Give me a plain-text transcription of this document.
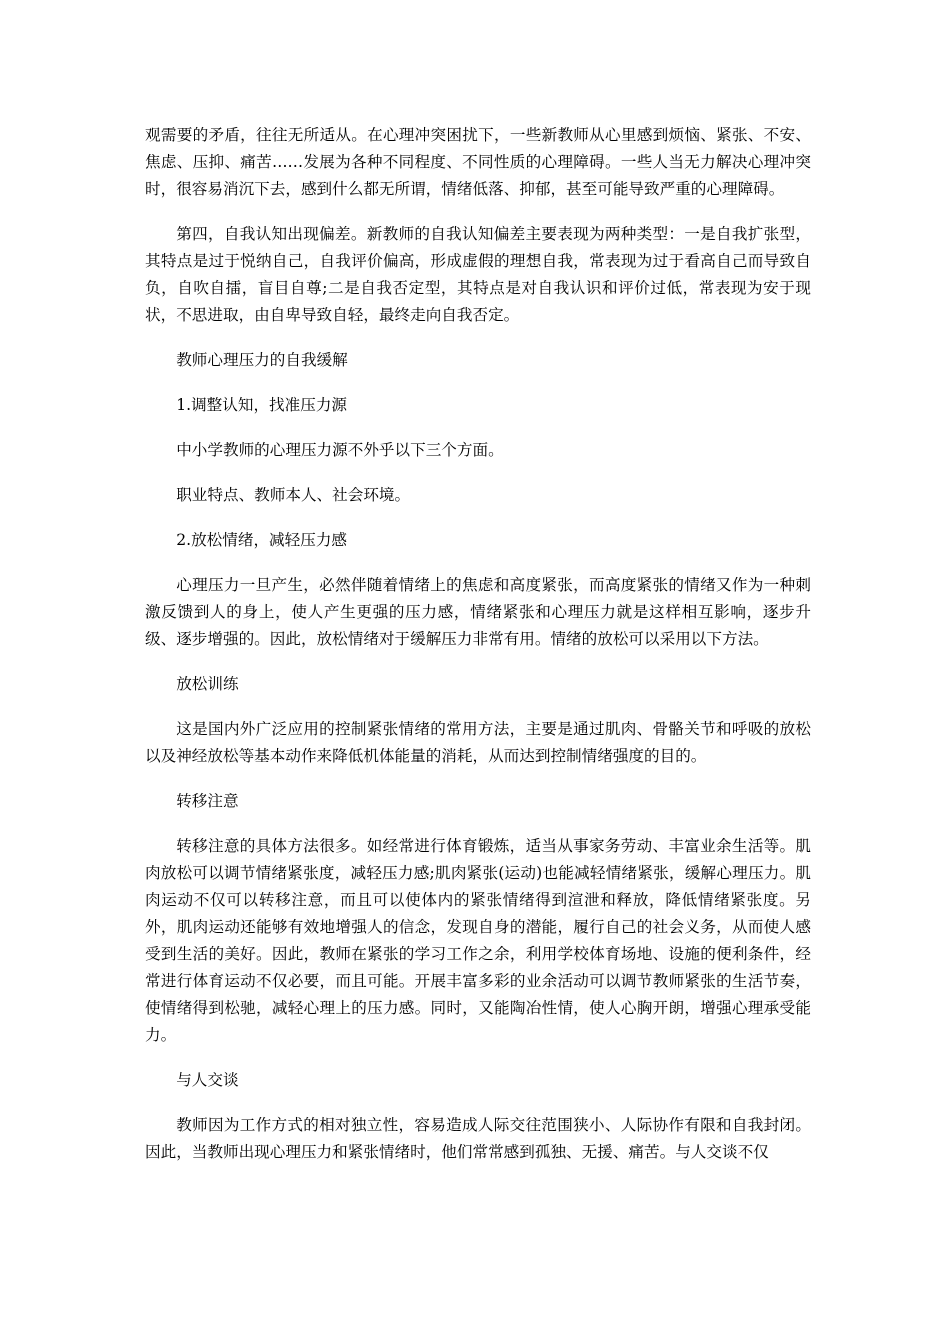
观需要的矛盾，往往无所适从。在心理冲突困扰下，一些新教师从心里感到烦恼、紧张、不安、焦虑、压抑、痛苦……发展为各种不同程度、不同性质的心理障碍。一些人当无力解决心理冲突时，很容易消沉下去，感到什么都无所谓，情绪低落、抑郁，甚至可能导致严重的心理障碍。

第四，自我认知出现偏差。新教师的自我认知偏差主要表现为两种类型：一是自我扩张型，其特点是过于悦纳自己，自我评价偏高，形成虚假的理想自我，常表现为过于看高自己而导致自负，自吹自擂，盲目自尊;二是自我否定型，其特点是对自我认识和评价过低，常表现为安于现状，不思进取，由自卑导致自轻，最终走向自我否定。

教师心理压力的自我缓解

1.调整认知，找准压力源

中小学教师的心理压力源不外乎以下三个方面。

职业特点、教师本人、社会环境。

2.放松情绪，减轻压力感

心理压力一旦产生，必然伴随着情绪上的焦虑和高度紧张，而高度紧张的情绪又作为一种刺激反馈到人的身上，使人产生更强的压力感，情绪紧张和心理压力就是这样相互影响，逐步升级、逐步增强的。因此，放松情绪对于缓解压力非常有用。情绪的放松可以采用以下方法。

放松训练

这是国内外广泛应用的控制紧张情绪的常用方法，主要是通过肌肉、骨骼关节和呼吸的放松以及神经放松等基本动作来降低机体能量的消耗，从而达到控制情绪强度的目的。

转移注意

转移注意的具体方法很多。如经常进行体育锻炼，适当从事家务劳动、丰富业余生活等。肌肉放松可以调节情绪紧张度，减轻压力感;肌肉紧张(运动)也能减轻情绪紧张，缓解心理压力。肌肉运动不仅可以转移注意，而且可以使体内的紧张情绪得到渲泄和释放，降低情绪紧张度。另外，肌肉运动还能够有效地增强人的信念，发现自身的潜能，履行自己的社会义务，从而使人感受到生活的美好。因此，教师在紧张的学习工作之余，利用学校体育场地、设施的便利条件，经常进行体育运动不仅必要，而且可能。开展丰富多彩的业余活动可以调节教师紧张的生活节奏，使情绪得到松驰，减轻心理上的压力感。同时，又能陶冶性情，使人心胸开朗，增强心理承受能力。

与人交谈

教师因为工作方式的相对独立性，容易造成人际交往范围狭小、人际协作有限和自我封闭。因此，当教师出现心理压力和紧张情绪时，他们常常感到孤独、无援、痛苦。与人交谈不仅
